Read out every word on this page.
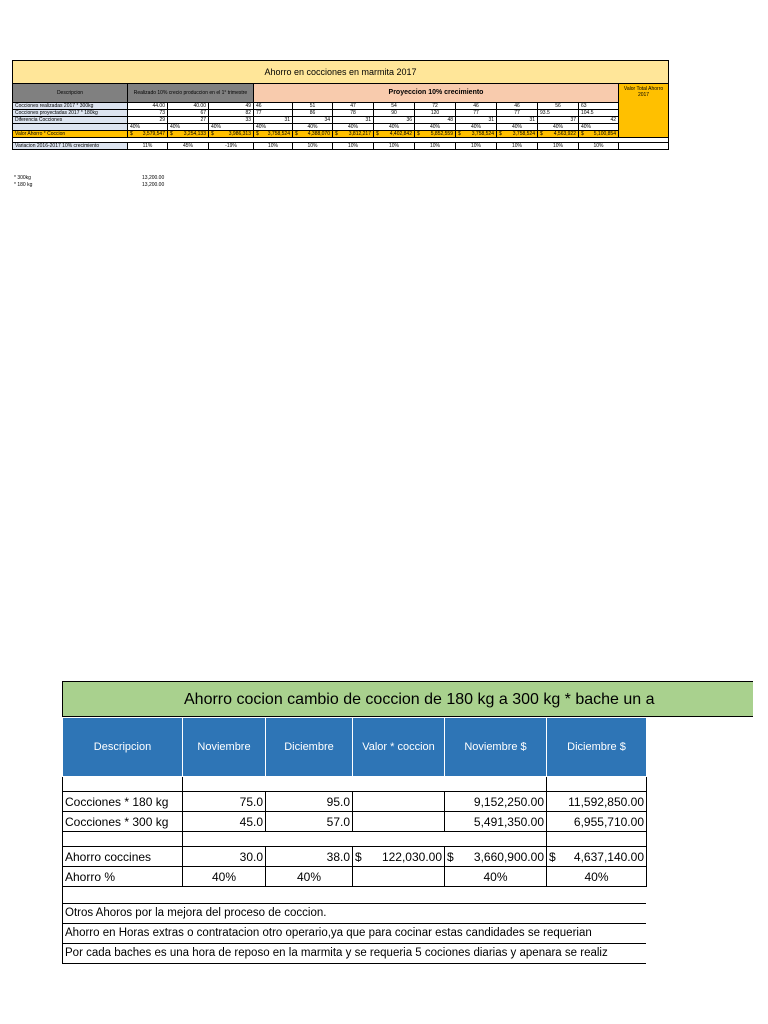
Ahorro en cocciones en marmita 2017														
Descripcion	Realizado 10% crecio produccion en el 1° trimestre			Proyeccion 10% crecimiento									Valor Total Ahorro 2017	
Cocciones realizadas 2017 * 300kg	44.00	40.00	49	46	51	47	54	72	46	46	56	63		
Cocciones proyectadas 2017 * 180kg	73	67	82	77	86	78	90	120	77	77	93.5	104.5		
Diferencia Cocciones	29	27	33	31	34	31	36	48	31	31	37	42		
	40%	40%	40%	40%	40%	40%	40%	40%	40%	40%	40%	40%		
Valor Ahorro * Coccion	$ 3,579,547	$ 3,254,133	$ 3,986,313	$ 3,758,524	$ 4,388,070	$ 3,812,217	$ 4,402,842	$ 5,852,559	$ 3,758,524	$ 3,758,524	$ 4,563,922	$ 5,100,854	

Variacion 2016-2017 10% crecimiento	11%	45%	-19%	10%	10%	10%	10%	10%	10%	10%	10%	10%		
* 300kg	13,200.00
* 180 kg	13,200.00
Ahorro cocion cambio de coccion de 180 kg a 300 kg * bache un a
Descripcion	Noviembre	Diciembre	Valor * coccion	Noviembre $	Diciembre $

Cocciones * 180 kg	75.0	95.0		9,152,250.00	11,592,850.00
Cocciones * 300 kg	45.0	57.0		5,491,350.00	6,955,710.00

Ahorro coccines	30.0	38.0	$ 122,030.00	$ 3,660,900.00	$ 4,637,140.00

Ahorro %	40%	40%		40%	40%
Otros Ahoros por la mejora del proceso de coccion.
Ahorro en Horas extras o contratacion otro operario,ya que para cocinar estas candidades se requerian
Por cada baches es una hora de reposo en la marmita y se requeria 5 cociones diarias y apenara se realiz
